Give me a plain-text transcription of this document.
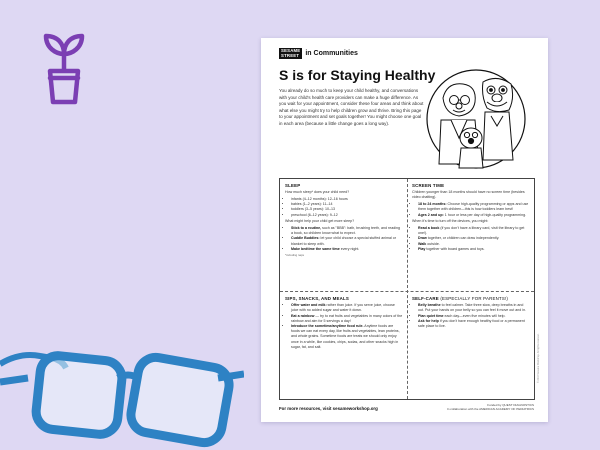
SESAME
STREET in Communities
S is for Staying Healthy

You already do so much to keep your child healthy, and conversations with your child's health care providers can make a huge difference. As you wait for your appointment, consider these four areas and think about what else you might try to help children grow and thrive. Bring this page to your appointment and set goals together! You might choose one goal in each area (because a little change goes a long way).

SLEEP

How much sleep* does your child need?

• infants (4–12 months): 12–16 hours
• babies (1–2 years): 11–14
• toddlers (3–5 years): 10–13
• preschool (6–12 years): 9–12

What might help your child get more sleep?

• Stick to a routine, such as "BBB": bath, brushing teeth, and reading a book, so children know what to expect.
• Cuddle Buddies: let your child choose a special stuffed animal or blanket to sleep with.
• Make bedtime the same time every night.
*including naps
SCREEN TIME

Children younger than 18 months should have no screen time (besides video chatting).

• 18 to 24 months: Choose high-quality programming or apps and use them together with children—this is how toddlers learn best!
• Ages 2 and up: 1 hour or less per day of high-quality programming.

When it's time to turn off the devices, you might:

• Read a book (if you don't have a library card, visit the library to get one!).
• Draw together, or children can draw independently.
• Walk outside.
• Play together with board games and toys.
SIPS, SNACKS, AND MEALS
• Offer water and milk rather than juice. If you serve juice, choose juice with no added sugar and water it down.
• Eat a rainbow — try to eat fruits and vegetables in many colors of the rainbow and aim for 5 servings a day!
• Introduce the sometime/anytime food rule. Anytime foods are foods we can eat every day, like fruits and vegetables, lean proteins, and whole grains. Sometime foods are treats we should only enjoy once in a while, like cookies, chips, sodas, and other snacks high in sugar, fat, and salt.
SELF-CARE (ESPECIALLY FOR PARENTS!)
• Belly breathe to feel calmer. Take three slow, deep breaths in and out. Put your hands on your belly so you can feel it move out and in.
• Plan quiet time each day—even five minutes will help.
• Ask for help if you don't have enough healthy food or a permanent safe place to live.
© 2019 Sesame Workshop. All rights reserved.
For more resources, visit sesameworkshop.org
Funded by QUEST DIAGNOSTICS
In collaboration with the AMERICAN ACADEMY OF PEDIATRICS
